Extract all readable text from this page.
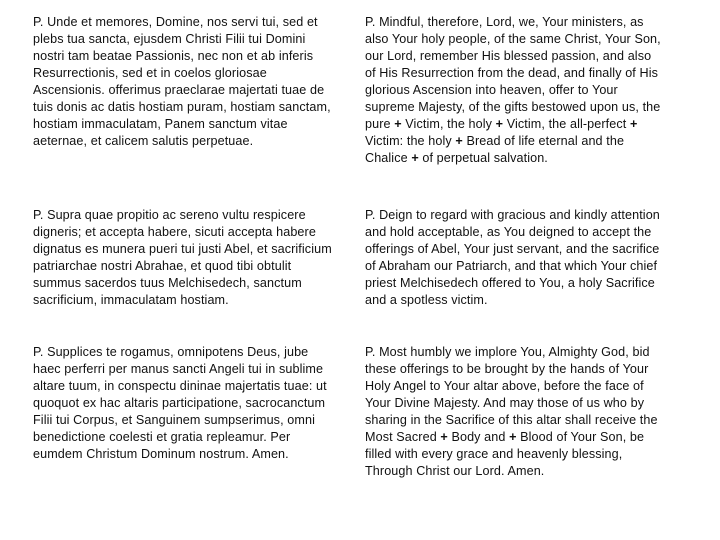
P. Unde et memores, Domine, nos servi tui, sed et
plebs tua sancta, ejusdem Christi Filii tui Domini
nostri tam beatae Passionis, nec non et ab inferis
Resurrectionis, sed et in coelos gloriosae
Ascensionis. offerimus praeclarae majertati tuae de
tuis donis ac datis hostiam puram, hostiam sanctam,
hostiam immaculatam, Panem sanctum vitae
aeternae, et calicem salutis perpetuae.
P. Mindful, therefore, Lord, we, Your ministers, as
also Your holy people, of the same Christ, Your Son,
our Lord, remember His blessed passion, and also
of His Resurrection from the dead, and finally of His
glorious Ascension into heaven, offer to Your
supreme Majesty, of the gifts bestowed upon us, the
pure + Victim, the holy + Victim, the all-perfect +
Victim: the holy + Bread of life eternal and the
Chalice + of perpetual salvation.
P. Supra quae propitio ac sereno vultu respicere
digneris; et accepta habere, sicuti accepta habere
dignatus es munera pueri tui justi Abel, et sacrificium
patriarchae nostri Abrahae, et quod tibi obtulit
summus sacerdos tuus Melchisedech, sanctum
sacrificium, immaculatam hostiam.
P. Deign to regard with gracious and kindly attention
and hold acceptable, as You deigned to accept the
offerings of Abel, Your just servant, and the sacrifice
of Abraham our Patriarch, and that which Your chief
priest Melchisedech offered to You, a holy Sacrifice
and a spotless victim.
P. Supplices te rogamus, omnipotens Deus, jube
haec perferri per manus sancti Angeli tui in sublime
altare tuum, in conspectu dininae majertatis tuae: ut
quoquot ex hac altaris participatione, sacrocanctum
Filii tui Corpus, et Sanguinem sumpserimus, omni
benedictione coelesti et gratia repleamur. Per
eumdem Christum Dominum nostrum. Amen.
P. Most humbly we implore You, Almighty God, bid
these offerings to be brought by the hands of Your
Holy Angel to Your altar above, before the face of
Your Divine Majesty. And may those of us who by
sharing in the Sacrifice of this altar shall receive the
Most Sacred + Body and + Blood of Your Son, be
filled with every grace and heavenly blessing,
Through Christ our Lord. Amen.
